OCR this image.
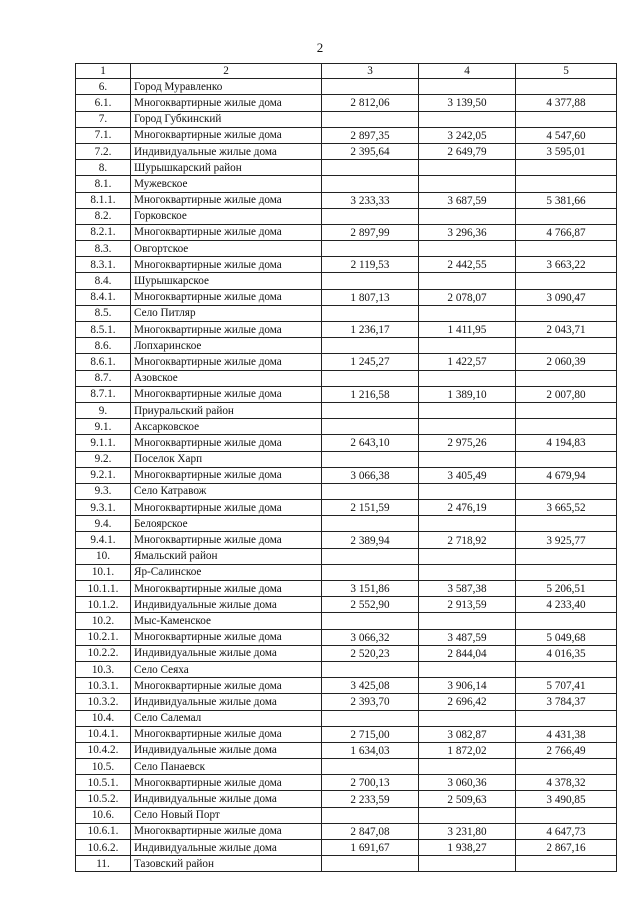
2
1	2	3	4	5
6.	Город Муравленко			
6.1.	Многоквартирные жилые дома	2 812,06	3 139,50	4 377,88
7.	Город Губкинский			
7.1.	Многоквартирные жилые дома	2 897,35	3 242,05	4 547,60
7.2.	Индивидуальные жилые дома	2 395,64	2 649,79	3 595,01
8.	Шурышкарский район			
8.1.	Мужевское			
8.1.1.	Многоквартирные жилые дома	3 233,33	3 687,59	5 381,66
8.2.	Горковское			
8.2.1.	Многоквартирные жилые дома	2 897,99	3 296,36	4 766,87
8.3.	Овгортское			
8.3.1.	Многоквартирные жилые дома	2 119,53	2 442,55	3 663,22
8.4.	Шурышкарское			
8.4.1.	Многоквартирные жилые дома	1 807,13	2 078,07	3 090,47
8.5.	Село Питляр			
8.5.1.	Многоквартирные жилые дома	1 236,17	1 411,95	2 043,71
8.6.	Лопхаринское			
8.6.1.	Многоквартирные жилые дома	1 245,27	1 422,57	2 060,39
8.7.	Азовское			
8.7.1.	Многоквартирные жилые дома	1 216,58	1 389,10	2 007,80
9.	Приуральский район			
9.1.	Аксарковское			
9.1.1.	Многоквартирные жилые дома	2 643,10	2 975,26	4 194,83
9.2.	Поселок Харп			
9.2.1.	Многоквартирные жилые дома	3 066,38	3 405,49	4 679,94
9.3.	Село Катравож			
9.3.1.	Многоквартирные жилые дома	2 151,59	2 476,19	3 665,52
9.4.	Белоярское			
9.4.1.	Многоквартирные жилые дома	2 389,94	2 718,92	3 925,77
10.	Ямальский район			
10.1.	Яр-Салинское			
10.1.1.	Многоквартирные жилые дома	3 151,86	3 587,38	5 206,51
10.1.2.	Индивидуальные жилые дома	2 552,90	2 913,59	4 233,40
10.2.	Мыс-Каменское			
10.2.1.	Многоквартирные жилые дома	3 066,32	3 487,59	5 049,68
10.2.2.	Индивидуальные жилые дома	2 520,23	2 844,04	4 016,35
10.3.	Село Сеяха			
10.3.1.	Многоквартирные жилые дома	3 425,08	3 906,14	5 707,41
10.3.2.	Индивидуальные жилые дома	2 393,70	2 696,42	3 784,37
10.4.	Село Салемал			
10.4.1.	Многоквартирные жилые дома	2 715,00	3 082,87	4 431,38
10.4.2.	Индивидуальные жилые дома	1 634,03	1 872,02	2 766,49
10.5.	Село Панаевск			
10.5.1.	Многоквартирные жилые дома	2 700,13	3 060,36	4 378,32
10.5.2.	Индивидуальные жилые дома	2 233,59	2 509,63	3 490,85
10.6.	Село Новый Порт			
10.6.1.	Многоквартирные жилые дома	2 847,08	3 231,80	4 647,73
10.6.2.	Индивидуальные жилые дома	1 691,67	1 938,27	2 867,16
11.	Тазовский район			
